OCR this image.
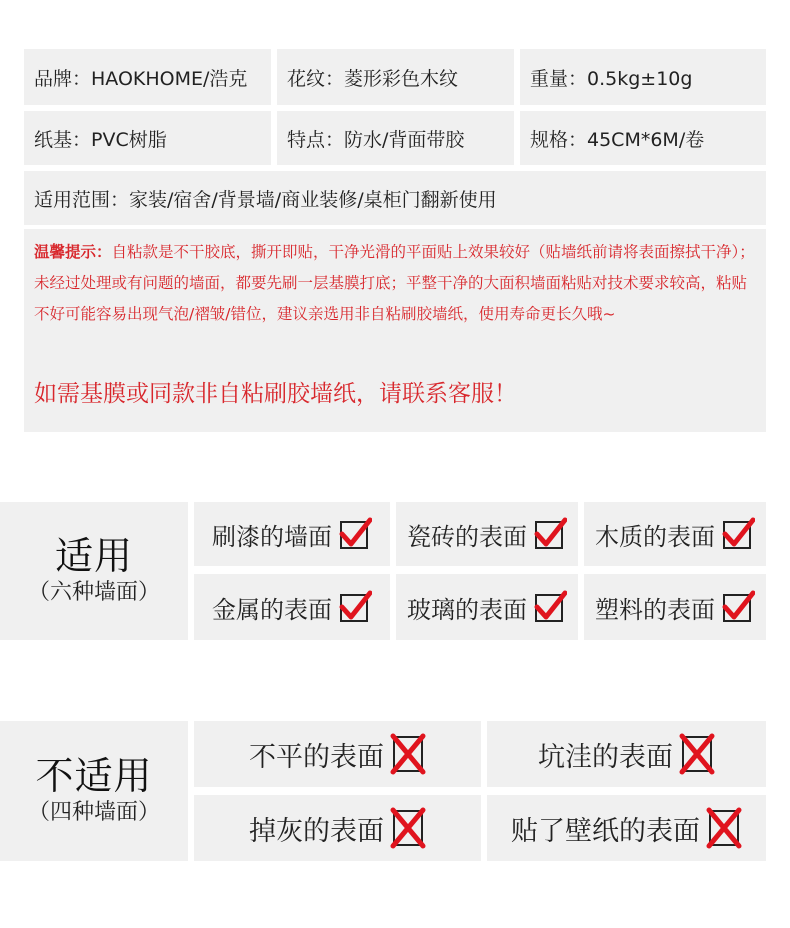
品牌：HAOKHOME/浩克	花纹：菱形彩色木纹	重量：0.5kg±10g
纸基：PVC树脂	特点：防水/背面带胶	规格：45CM*6M/卷
适用范围：家装/宿舍/背景墙/商业装修/桌柜门翻新使用
温馨提示：自粘款是不干胶底，撕开即贴，干净光滑的平面贴上效果较好（贴墙纸前请将表面擦拭干净）；未经过处理或有问题的墙面，都要先刷一层基膜打底；平整干净的大面积墙面粘贴对技术要求较高，粘贴不好可能容易出现气泡/褶皱/错位，建议亲选用非自粘刷胶墙纸，使用寿命更长久哦~
如需基膜或同款非自粘刷胶墙纸，请联系客服！
适用
（六种墙面）
刷漆的墙面	瓷砖的表面	木质的表面
金属的表面	玻璃的表面	塑料的表面
不适用
（四种墙面）
不平的表面	坑洼的表面
掉灰的表面	贴了壁纸的表面
